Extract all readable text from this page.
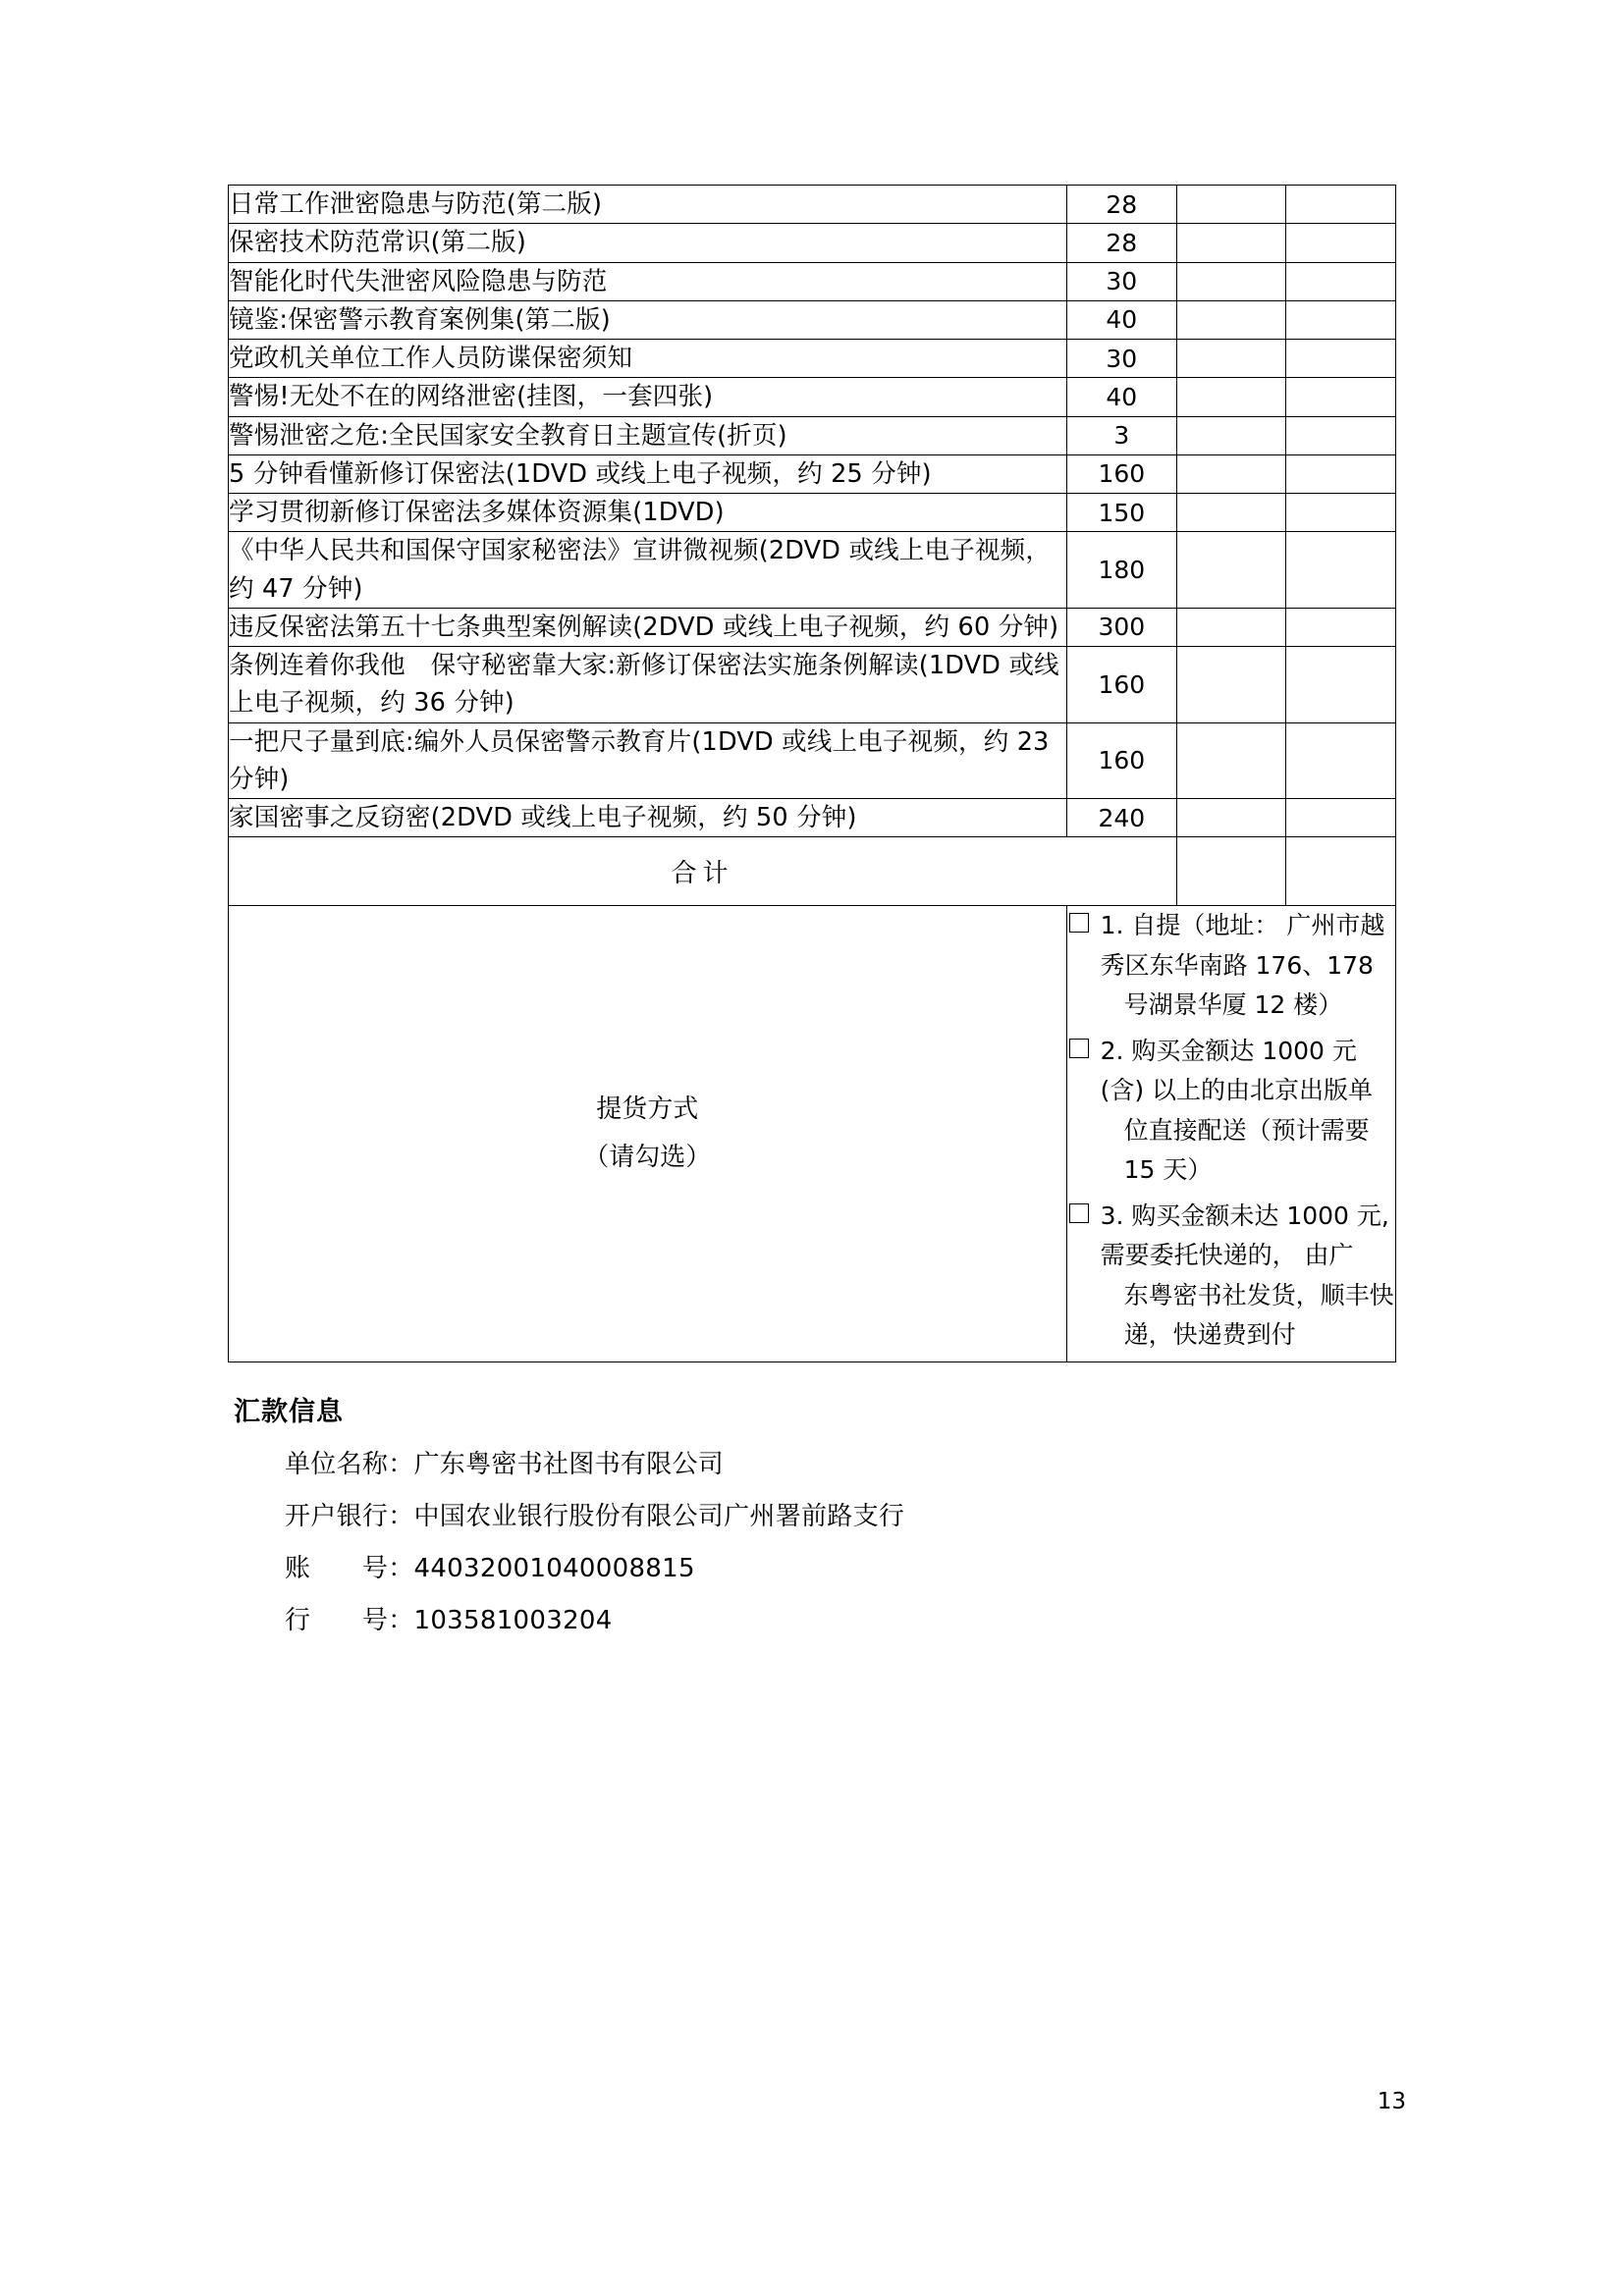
日常工作泄密隐患与防范(第二版)	28		
保密技术防范常识(第二版)	28		
智能化时代失泄密风险隐患与防范	30		
镜鉴:保密警示教育案例集(第二版)	40		
党政机关单位工作人员防谍保密须知	30		
警惕!无处不在的网络泄密(挂图，一套四张)	40		
警惕泄密之危:全民国家安全教育日主题宣传(折页)	3		
5 分钟看懂新修订保密法(1DVD 或线上电子视频，约 25 分钟)	160		
学习贯彻新修订保密法多媒体资源集(1DVD)	150		
《中华人民共和国保守国家秘密法》宣讲微视频(2DVD 或线上电子视频，约 47 分钟)	180		
违反保密法第五十七条典型案例解读(2DVD 或线上电子视频，约 60 分钟)	300		
条例连着你我他　保守秘密靠大家:新修订保密法实施条例解读(1DVD 或线上电子视频，约 36 分钟)	160		
一把尺子量到底:编外人员保密警示教育片(1DVD 或线上电子视频，约 23 分钟)	160		
家国密事之反窃密(2DVD 或线上电子视频，约 50 分钟)	240		
合计			

提货方式
（请勾选）

1. 自提（地址： 广州市越秀区东华南路 176、178
号湖景华厦 12 楼）
2. 购买金额达 1000 元(含) 以上的由北京出版单
位直接配送（预计需要 15 天）
3. 购买金额未达 1000 元, 需要委托快递的， 由广
东粤密书社发货，顺丰快递，快递费到付
汇款信息
单位名称：广东粤密书社图书有限公司
开户银行：中国农业银行股份有限公司广州署前路支行
账　　号：44032001040008815
行　　号：103581003204
13
